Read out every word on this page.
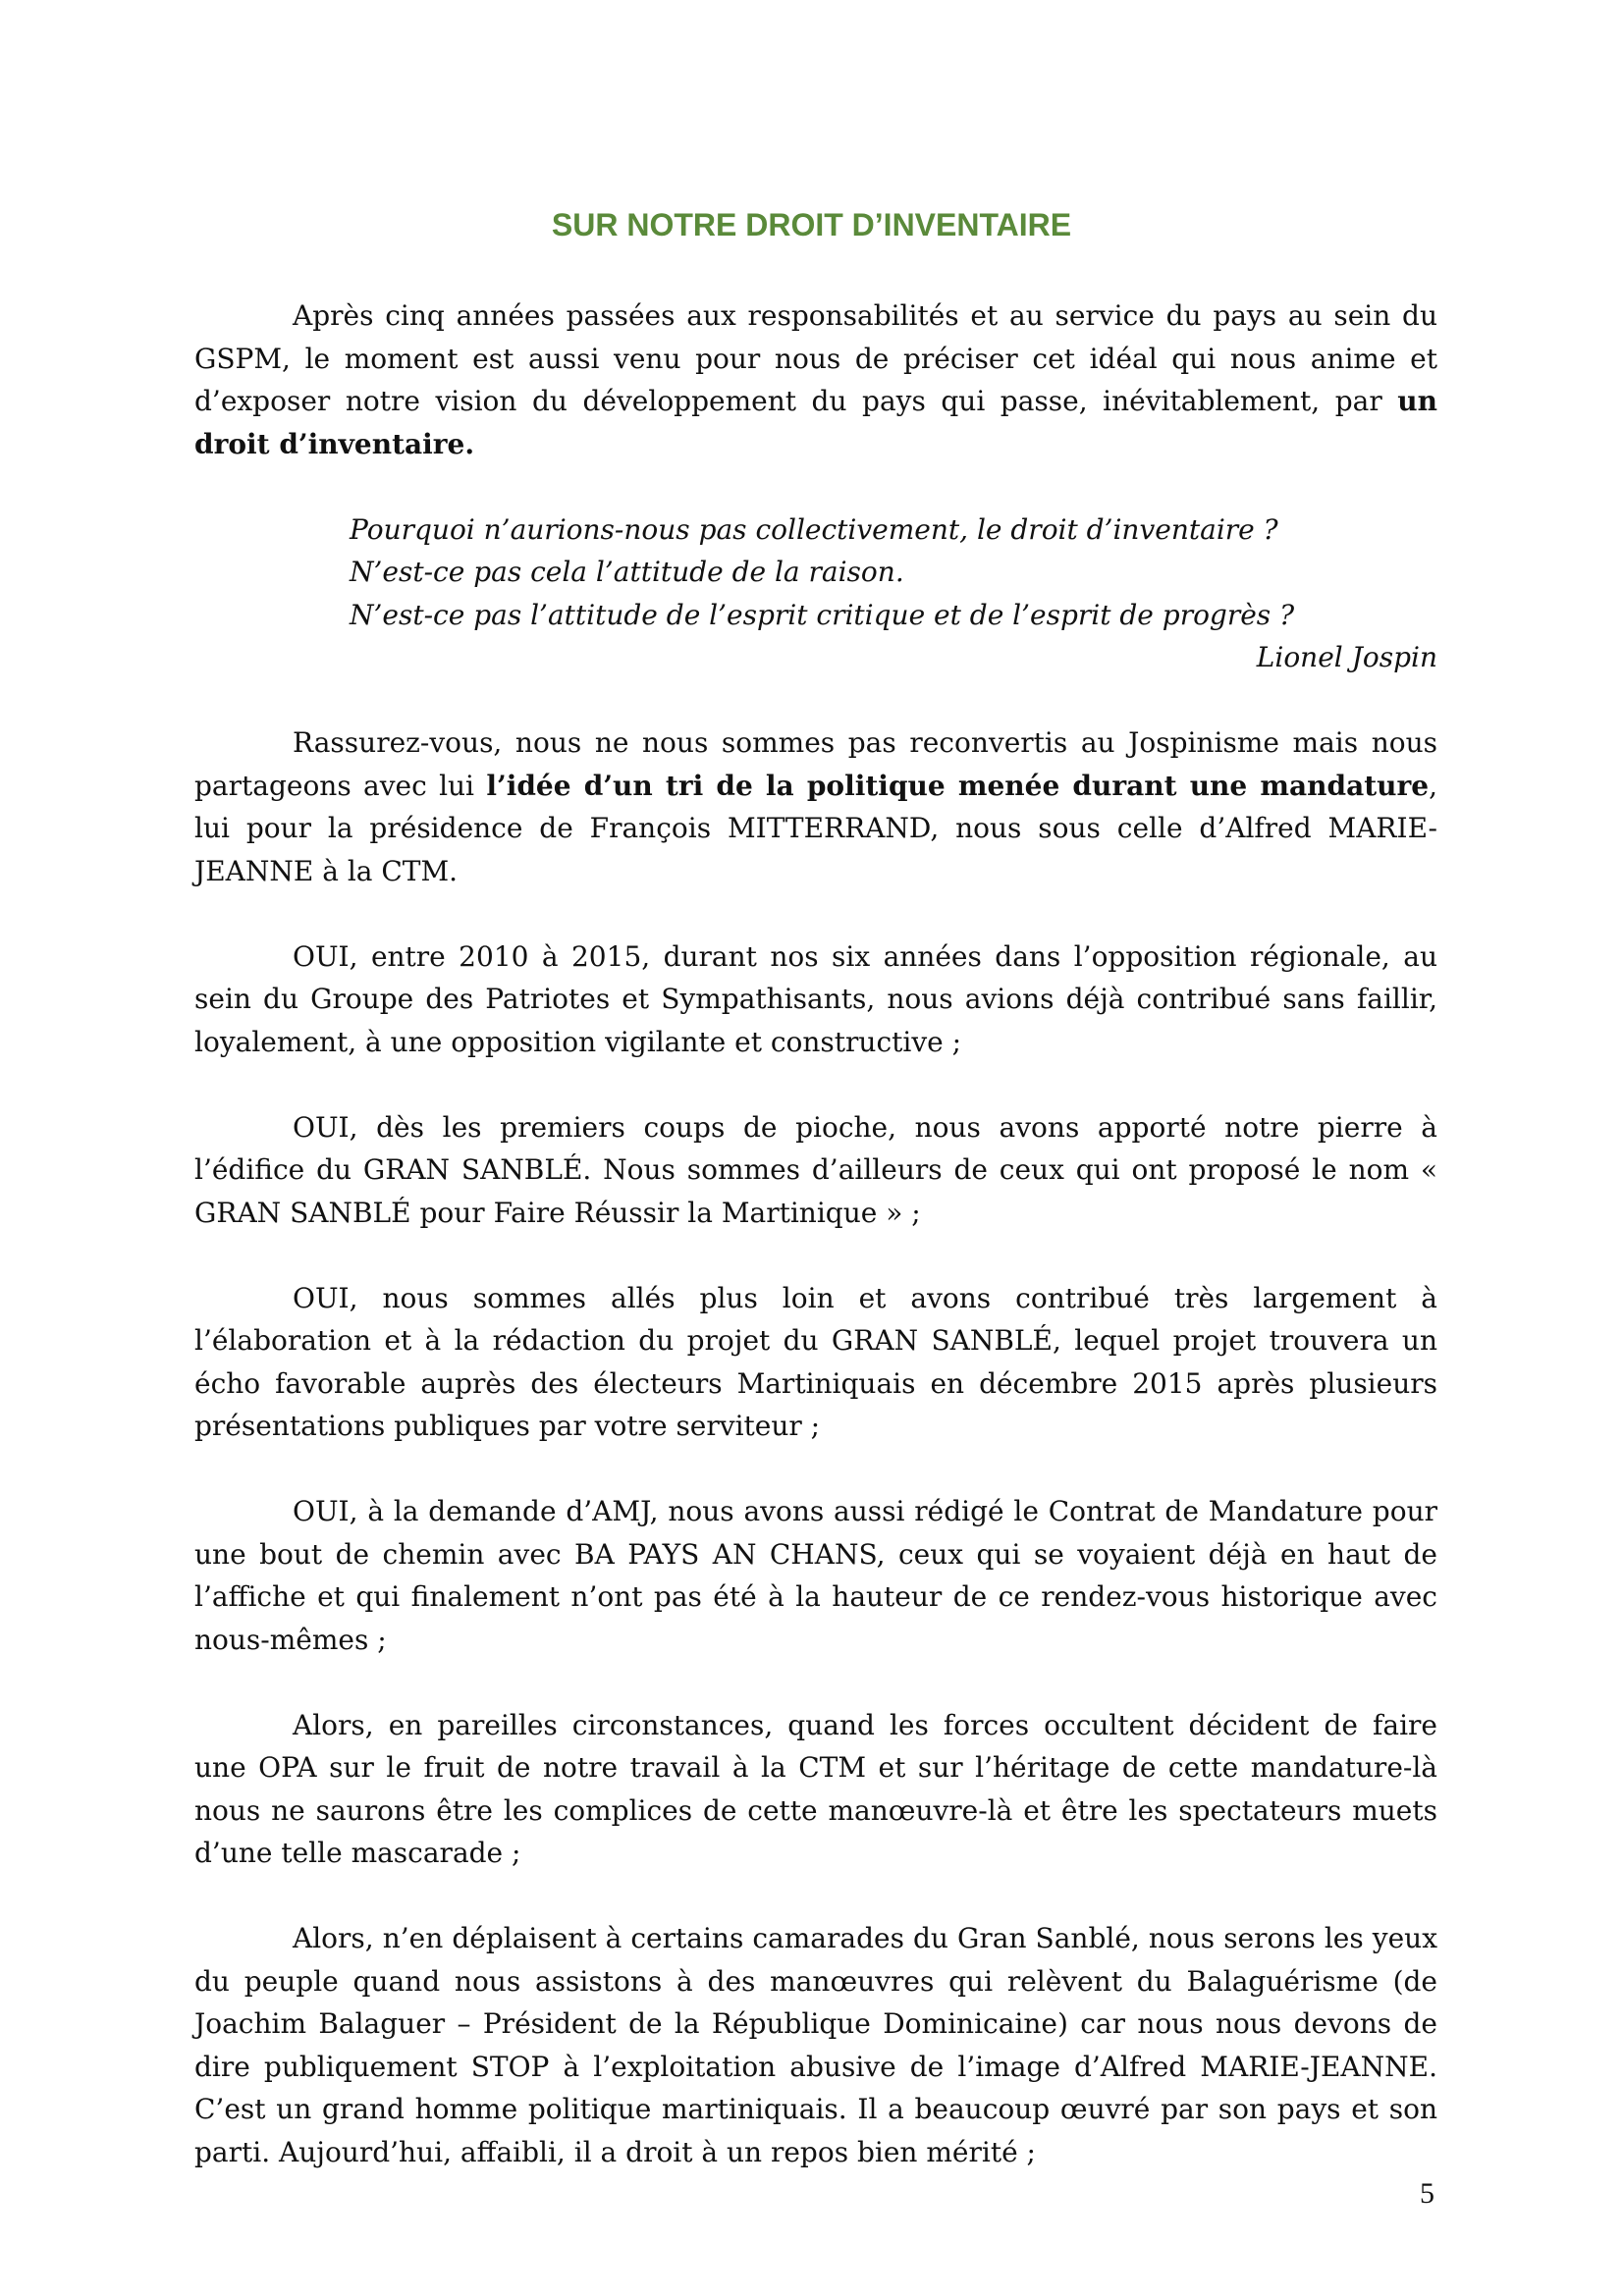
SUR NOTRE DROIT D’INVENTAIRE

Après cinq années passées aux responsabilités et au service du pays au sein du GSPM, le moment est aussi venu pour nous de préciser cet idéal qui nous anime et d’exposer notre vision du développement du pays qui passe, inévitablement, par un droit d’inventaire.

Pourquoi n’aurions-nous pas collectivement, le droit d’inventaire ?
N’est-ce pas cela l’attitude de la raison.
N’est-ce pas l’attitude de l’esprit critique et de l’esprit de progrès ?
Lionel Jospin

Rassurez-vous, nous ne nous sommes pas reconvertis au Jospinisme mais nous partageons avec lui l’idée d’un tri de la politique menée durant une mandature, lui pour la présidence de François MITTERRAND, nous sous celle d’Alfred MARIE-JEANNE à la CTM.

OUI, entre 2010 à 2015, durant nos six années dans l’opposition régionale, au sein du Groupe des Patriotes et Sympathisants, nous avions déjà contribué sans faillir, loyalement, à une opposition vigilante et constructive ;

OUI, dès les premiers coups de pioche, nous avons apporté notre pierre à l’édifice du GRAN SANBLÉ. Nous sommes d’ailleurs de ceux qui ont proposé le nom « GRAN SANBLÉ pour Faire Réussir la Martinique » ;

OUI, nous sommes allés plus loin et avons contribué très largement à l’élaboration et à la rédaction du projet du GRAN SANBLÉ, lequel projet trouvera un écho favorable auprès des électeurs Martiniquais en décembre 2015 après plusieurs présentations publiques par votre serviteur ;

OUI, à la demande d’AMJ, nous avons aussi rédigé le Contrat de Mandature pour une bout de chemin avec BA PAYS AN CHANS, ceux qui se voyaient déjà en haut de l’affiche et qui finalement n’ont pas été à la hauteur de ce rendez-vous historique avec nous-mêmes ;

Alors, en pareilles circonstances, quand les forces occultent décident de faire une OPA sur le fruit de notre travail à la CTM et sur l’héritage de cette mandature-là nous ne saurons être les complices de cette manœuvre-là et être les spectateurs muets d’une telle mascarade ;

Alors, n’en déplaisent à certains camarades du Gran Sanblé, nous serons les yeux du peuple quand nous assistons à des manœuvres qui relèvent du Balaguérisme (de Joachim Balaguer – Président de la République Dominicaine) car nous nous devons de dire publiquement STOP à l’exploitation abusive de l’image d’Alfred MARIE-JEANNE. C’est un grand homme politique martiniquais. Il a beaucoup œuvré par son pays et son parti. Aujourd’hui, affaibli, il a droit à un repos bien mérité ;

5
